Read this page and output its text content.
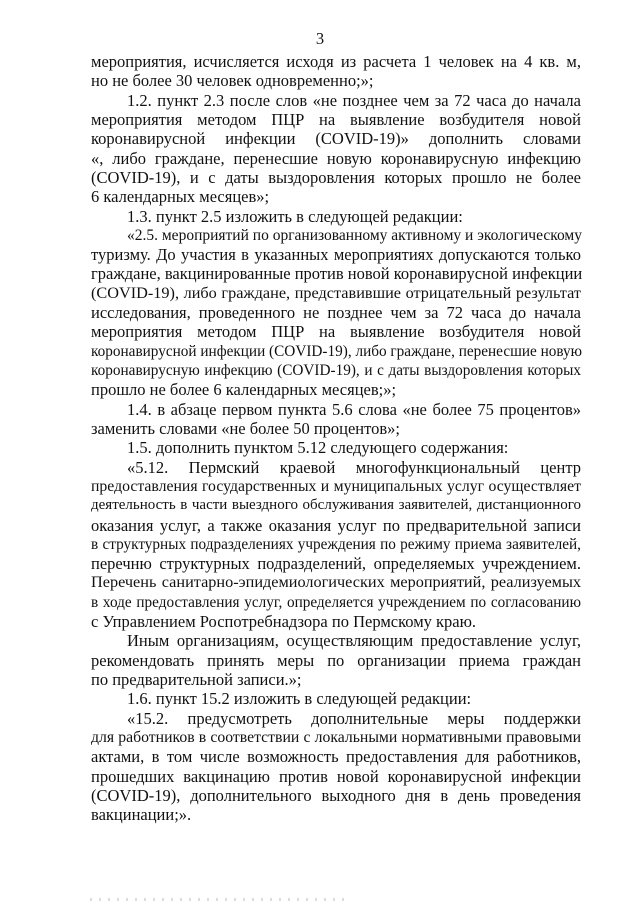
3
мероприятия, исчисляется исходя из расчета 1 человек на 4 кв. м,
но не более 30 человек одновременно;»;
1.2. пункт 2.3 после слов «не позднее чем за 72 часа до начала
мероприятия методом ПЦР на выявление возбудителя новой
коронавирусной инфекции (COVID-19)» дополнить словами
«, либо граждане, перенесшие новую коронавирусную инфекцию
(COVID-19), и с даты выздоровления которых прошло не более
6 календарных месяцев»;
1.3. пункт 2.5 изложить в следующей редакции:
«2.5. мероприятий по организованному активному и экологическому
туризму. До участия в указанных мероприятиях допускаются только
граждане, вакцинированные против новой коронавирусной инфекции
(COVID-19), либо граждане, представившие отрицательный результат
исследования, проведенного не позднее чем за 72 часа до начала
мероприятия методом ПЦР на выявление возбудителя новой
коронавирусной инфекции (COVID-19), либо граждане, перенесшие новую
коронавирусную инфекцию (COVID-19), и с даты выздоровления которых
прошло не более 6 календарных месяцев;»;
1.4. в абзаце первом пункта 5.6 слова «не более 75 процентов»
заменить словами «не более 50 процентов»;
1.5. дополнить пунктом 5.12 следующего содержания:
«5.12. Пермский краевой многофункциональный центр
предоставления государственных и муниципальных услуг осуществляет
деятельность в части выездного обслуживания заявителей, дистанционного
оказания услуг, а также оказания услуг по предварительной записи
в структурных подразделениях учреждения по режиму приема заявителей,
перечню структурных подразделений, определяемых учреждением.
Перечень санитарно-эпидемиологических мероприятий, реализуемых
в ходе предоставления услуг, определяется учреждением по согласованию
с Управлением Роспотребнадзора по Пермскому краю.
Иным организациям, осуществляющим предоставление услуг,
рекомендовать принять меры по организации приема граждан
по предварительной записи.»;
1.6. пункт 15.2 изложить в следующей редакции:
«15.2. предусмотреть дополнительные меры поддержки
для работников в соответствии с локальными нормативными правовыми
актами, в том числе возможность предоставления для работников,
прошедших вакцинацию против новой коронавирусной инфекции
(COVID-19), дополнительного выходного дня в день проведения
вакцинации;».
